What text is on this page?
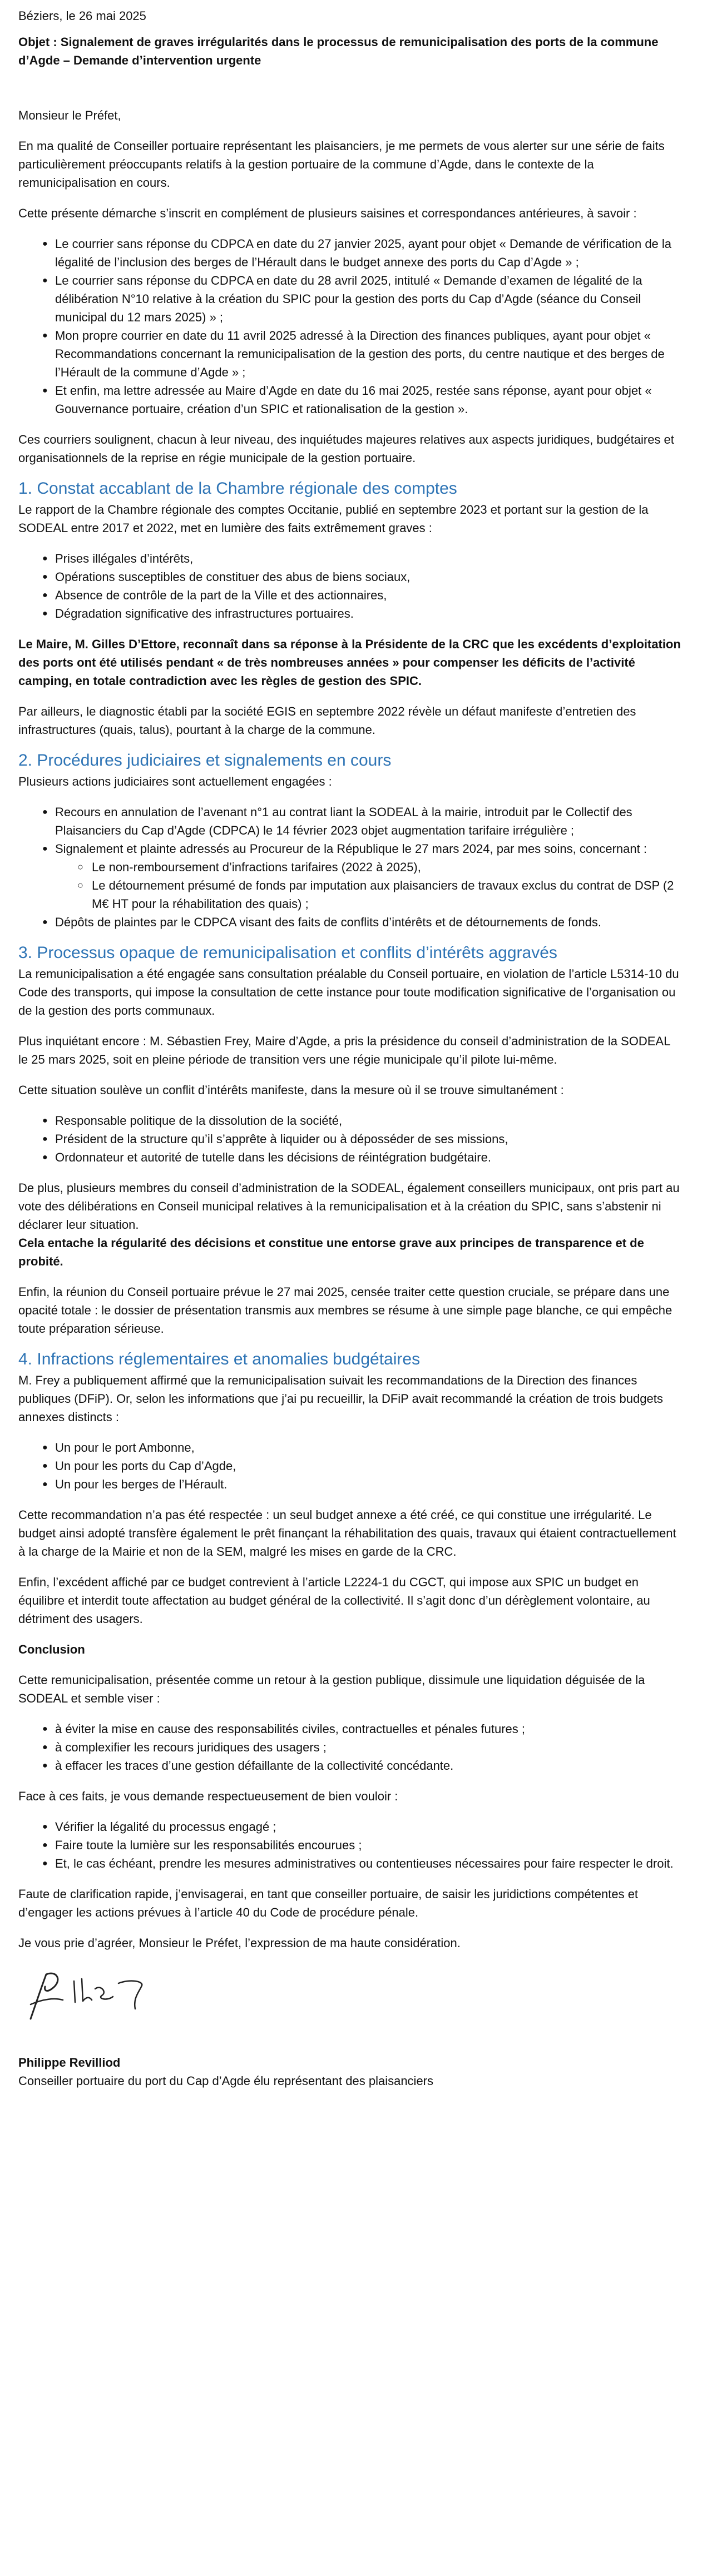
Béziers, le 26 mai 2025

Objet : Signalement de graves irrégularités dans le processus de remunicipalisation des ports de la commune d’Agde – Demande d’intervention urgente

Monsieur le Préfet,

En ma qualité de Conseiller portuaire représentant les plaisanciers, je me permets de vous alerter sur une série de faits particulièrement préoccupants relatifs à la gestion portuaire de la commune d’Agde, dans le contexte de la remunicipalisation en cours.

Cette présente démarche s’inscrit en complément de plusieurs saisines et correspondances antérieures, à savoir :

● Le courrier sans réponse du CDPCA en date du 27 janvier 2025, ayant pour objet « Demande de vérification de la légalité de l’inclusion des berges de l’Hérault dans le budget annexe des ports du Cap d’Agde » ;
● Le courrier sans réponse du CDPCA en date du 28 avril 2025, intitulé « Demande d’examen de légalité de la délibération N°10 relative à la création du SPIC pour la gestion des ports du Cap d’Agde (séance du Conseil municipal du 12 mars 2025) » ;
● Mon propre courrier en date du 11 avril 2025 adressé à la Direction des finances publiques, ayant pour objet « Recommandations concernant la remunicipalisation de la gestion des ports, du centre nautique et des berges de l’Hérault de la commune d’Agde » ;
● Et enfin, ma lettre adressée au Maire d’Agde en date du 16 mai 2025, restée sans réponse, ayant pour objet « Gouvernance portuaire, création d’un SPIC et rationalisation de la gestion ».

Ces courriers soulignent, chacun à leur niveau, des inquiétudes majeures relatives aux aspects juridiques, budgétaires et organisationnels de la reprise en régie municipale de la gestion portuaire.

1. Constat accablant de la Chambre régionale des comptes

Le rapport de la Chambre régionale des comptes Occitanie, publié en septembre 2023 et portant sur la gestion de la SODEAL entre 2017 et 2022, met en lumière des faits extrêmement graves :

● Prises illégales d’intérêts,
● Opérations susceptibles de constituer des abus de biens sociaux,
● Absence de contrôle de la part de la Ville et des actionnaires,
● Dégradation significative des infrastructures portuaires.

Le Maire, M. Gilles D’Ettore, reconnaît dans sa réponse à la Présidente de la CRC que les excédents d’exploitation des ports ont été utilisés pendant « de très nombreuses années » pour compenser les déficits de l’activité camping, en totale contradiction avec les règles de gestion des SPIC.

Par ailleurs, le diagnostic établi par la société EGIS en septembre 2022 révèle un défaut manifeste d’entretien des infrastructures (quais, talus), pourtant à la charge de la commune.

2. Procédures judiciaires et signalements en cours

Plusieurs actions judiciaires sont actuellement engagées :

● Recours en annulation de l’avenant n°1 au contrat liant la SODEAL à la mairie, introduit par le Collectif des Plaisanciers du Cap d’Agde (CDPCA) le 14 février 2023 objet augmentation tarifaire irrégulière ;
● Signalement et plainte adressés au Procureur de la République le 27 mars 2024, par mes soins, concernant :
○ Le non-remboursement d’infractions tarifaires (2022 à 2025),
○ Le détournement présumé de fonds par imputation aux plaisanciers de travaux exclus du contrat de DSP (2 M€ HT pour la réhabilitation des quais) ;
● Dépôts de plaintes par le CDPCA visant des faits de conflits d’intérêts et de détournements de fonds.
3. Processus opaque de remunicipalisation et conflits d’intérêts aggravés

La remunicipalisation a été engagée sans consultation préalable du Conseil portuaire, en violation de l’article L5314-10 du Code des transports, qui impose la consultation de cette instance pour toute modification significative de l’organisation ou de la gestion des ports communaux.

Plus inquiétant encore : M. Sébastien Frey, Maire d’Agde, a pris la présidence du conseil d’administration de la SODEAL le 25 mars 2025, soit en pleine période de transition vers une régie municipale qu’il pilote lui-même.

Cette situation soulève un conflit d’intérêts manifeste, dans la mesure où il se trouve simultanément :

● Responsable politique de la dissolution de la société,
● Président de la structure qu’il s’apprête à liquider ou à déposséder de ses missions,
● Ordonnateur et autorité de tutelle dans les décisions de réintégration budgétaire.

De plus, plusieurs membres du conseil d’administration de la SODEAL, également conseillers municipaux, ont pris part au vote des délibérations en Conseil municipal relatives à la remunicipalisation et à la création du SPIC, sans s’abstenir ni déclarer leur situation.

Cela entache la régularité des décisions et constitue une entorse grave aux principes de transparence et de probité.

Enfin, la réunion du Conseil portuaire prévue le 27 mai 2025, censée traiter cette question cruciale, se prépare dans une opacité totale : le dossier de présentation transmis aux membres se résume à une simple page blanche, ce qui empêche toute préparation sérieuse.

4. Infractions réglementaires et anomalies budgétaires

M. Frey a publiquement affirmé que la remunicipalisation suivait les recommandations de la Direction des finances publiques (DFiP). Or, selon les informations que j’ai pu recueillir, la DFiP avait recommandé la création de trois budgets annexes distincts :

● Un pour le port Ambonne,
● Un pour les ports du Cap d’Agde,
● Un pour les berges de l’Hérault.

Cette recommandation n’a pas été respectée : un seul budget annexe a été créé, ce qui constitue une irrégularité. Le budget ainsi adopté transfère également le prêt finançant la réhabilitation des quais, travaux qui étaient contractuellement à la charge de la Mairie et non de la SEM, malgré les mises en garde de la CRC.

Enfin, l’excédent affiché par ce budget contrevient à l’article L2224-1 du CGCT, qui impose aux SPIC un budget en équilibre et interdit toute affectation au budget général de la collectivité. Il s’agit donc d’un dérèglement volontaire, au détriment des usagers.

Conclusion

Cette remunicipalisation, présentée comme un retour à la gestion publique, dissimule une liquidation déguisée de la SODEAL et semble viser :

● à éviter la mise en cause des responsabilités civiles, contractuelles et pénales futures ;
● à complexifier les recours juridiques des usagers ;
● à effacer les traces d’une gestion défaillante de la collectivité concédante.

Face à ces faits, je vous demande respectueusement de bien vouloir :

● Vérifier la légalité du processus engagé ;
● Faire toute la lumière sur les responsabilités encourues ;
● Et, le cas échéant, prendre les mesures administratives ou contentieuses nécessaires pour faire respecter le droit.

Faute de clarification rapide, j’envisagerai, en tant que conseiller portuaire, de saisir les juridictions compétentes et d’engager les actions prévues à l’article 40 du Code de procédure pénale.

Je vous prie d’agréer, Monsieur le Préfet, l’expression de ma haute considération.

Philippe Revilliod

Conseiller portuaire du port du Cap d’Agde élu représentant des plaisanciers
